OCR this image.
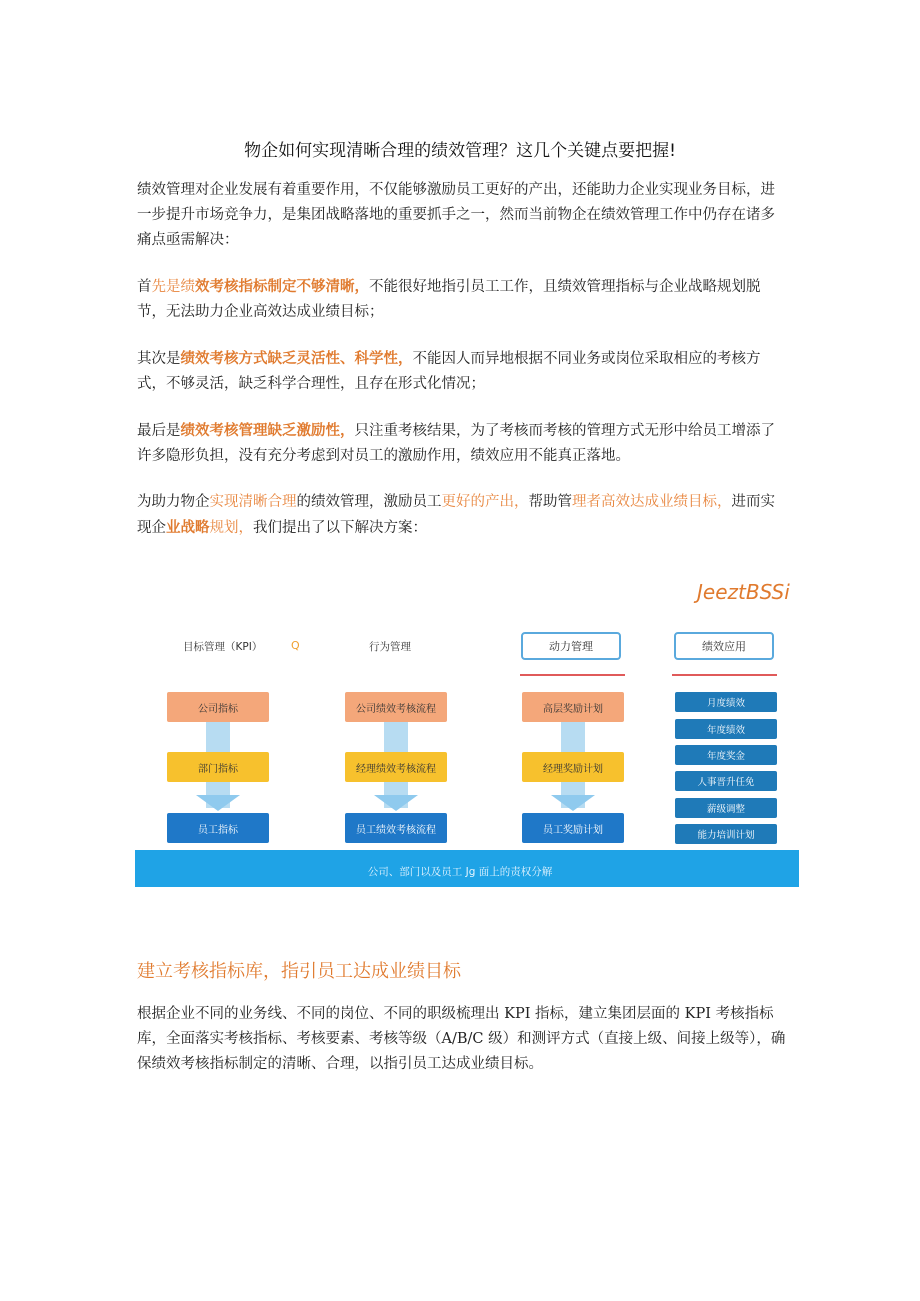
物企如何实现清晰合理的绩效管理？这几个关键点要把握!
绩效管理对企业发展有着重要作用，不仅能够激励员工更好的产出，还能助力企业实现业务目标，进一步提升市场竞争力，是集团战略落地的重要抓手之一，然而当前物企在绩效管理工作中仍存在诸多痛点亟需解决：
首先是绩效考核指标制定不够清晰，不能很好地指引员工工作，且绩效管理指标与企业战略规划脱节，无法助力企业高效达成业绩目标；
其次是绩效考核方式缺乏灵活性、科学性，不能因人而异地根据不同业务或岗位采取相应的考核方式，不够灵活，缺乏科学合理性，且存在形式化情况；
最后是绩效考核管理缺乏激励性，只注重考核结果，为了考核而考核的管理方式无形中给员工增添了许多隐形负担，没有充分考虑到对员工的激励作用，绩效应用不能真正落地。
为助力物企实现清晰合理的绩效管理，激励员工更好的产出，帮助管理者高效达成业绩目标，进而实现企业战略规划，我们提出了以下解决方案：
JeeztBSSi
目标管理（KPI）	Q	行为管理	动力管理	绩效应用
公司指标
部门指标
员工指标
公司绩效考核流程
经理绩效考核流程
员工绩效考核流程
高层奖励计划
经理奖励计划
员工奖励计划
月度绩效
年度绩效
年度奖金
人事晋升任免
薪级调整
能力培训计划
公司、部门以及员工 Jg 面上的责权分解
建立考核指标库，指引员工达成业绩目标
根据企业不同的业务线、不同的岗位、不同的职级梳理出 KPI 指标，建立集团层面的 KPI 考核指标库，全面落实考核指标、考核要素、考核等级（A/B/C 级）和测评方式（直接上级、间接上级等），确保绩效考核指标制定的清晰、合理，以指引员工达成业绩目标。
